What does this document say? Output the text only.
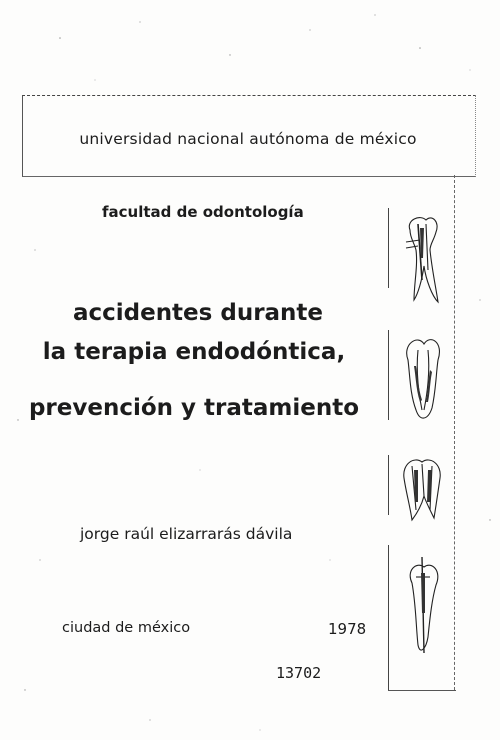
universidad nacional autónoma de méxico
facultad de odontología
accidentes durante
la terapia endodóntica,
prevención y tratamiento
jorge raúl elizarrarás dávila
ciudad de méxico	1978
13702
